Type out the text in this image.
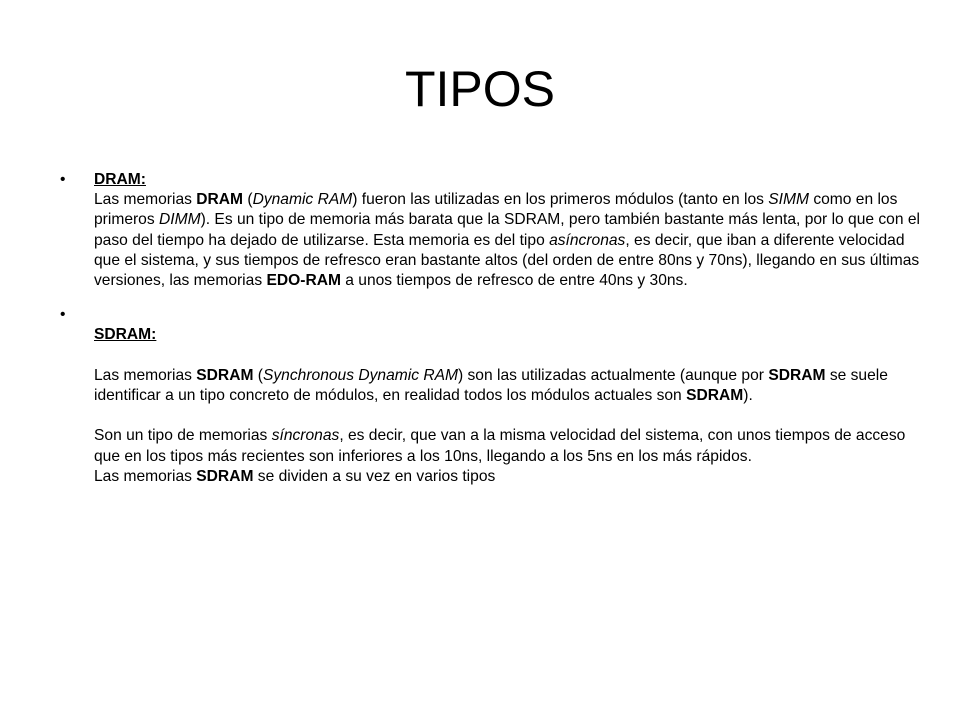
TIPOS
•	DRAM:
Las memorias DRAM (Dynamic RAM) fueron las utilizadas en los primeros módulos (tanto en los SIMM como en los primeros DIMM). Es un tipo de memoria más barata que la SDRAM, pero también bastante más lenta, por lo que con el paso del tiempo ha dejado de utilizarse. Esta memoria es del tipo asíncronas, es decir, que iban a diferente velocidad que el sistema, y sus tiempos de refresco eran bastante altos (del orden de entre 80ns y 70ns), llegando en sus últimas versiones, las memorias EDO-RAM a unos tiempos de refresco de entre 40ns y 30ns.
•
SDRAM:
Las memorias SDRAM (Synchronous Dynamic RAM) son las utilizadas actualmente (aunque por SDRAM se suele identificar a un tipo concreto de módulos, en realidad todos los módulos actuales son SDRAM).
Son un tipo de memorias síncronas, es decir, que van a la misma velocidad del sistema, con unos tiempos de acceso que en los tipos más recientes son inferiores a los 10ns, llegando a los 5ns en los más rápidos.
Las memorias SDRAM se dividen a su vez en varios tipos
